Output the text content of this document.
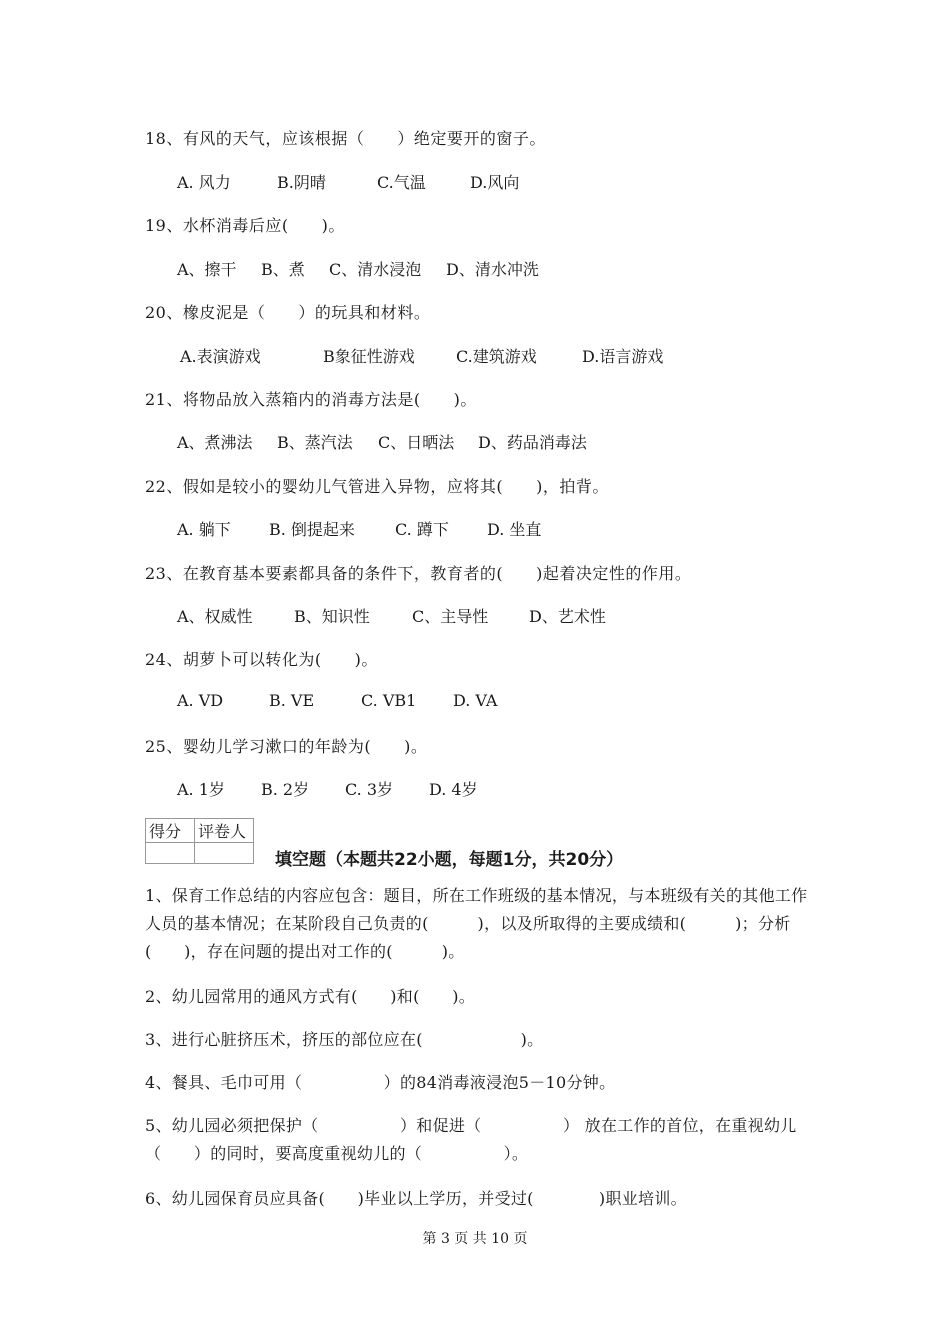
18、有风的天气，应该根据（　　）绝定要开的窗子。
A. 风力	B.阴晴	C.气温	D.风向
19、水杯消毒后应(　　)。
A、擦干 B、煮 C、清水浸泡 D、清水冲洗
20、橡皮泥是（　　）的玩具和材料。
A.表演游戏	B象征性游戏	C.建筑游戏	D.语言游戏
21、将物品放入蒸箱内的消毒方法是(　　)。
A、煮沸法 B、蒸汽法 C、日晒法 D、药品消毒法
22、假如是较小的婴幼儿气管进入异物，应将其(　　)，拍背。
A. 躺下 B. 倒提起来	C. 蹲下 D. 坐直
23、在教育基本要素都具备的条件下，教育者的(　　)起着决定性的作用。
A、权威性	B、知识性	C、主导性	D、艺术性
24、胡萝卜可以转化为(　　)。
A. VD	B. VE	C. VB1 D. VA
25、婴幼儿学习漱口的年龄为(　　)。
A. 1岁 B. 2岁 C. 3岁 D. 4岁
得分	评卷人

填空题（本题共22小题，每题1分，共20分）
1、保育工作总结的内容应包含：题目，所在工作班级的基本情况，与本班级有关的其他工作人员的基本情况；在某阶段自己负责的(　　　)，以及所取得的主要成绩和(　　　)；分析(　　)，存在问题的提出对工作的(　　　)。
2、幼儿园常用的通风方式有(　　)和(　　)。
3、进行心脏挤压术，挤压的部位应在(　　　　　　)。
4、餐具、毛巾可用（　　　　　）的84消毒液浸泡5－10分钟。
5、幼儿园必须把保护（　　　　　）和促进（　　　　　） 放在工作的首位，在重视幼儿（　　）的同时，要高度重视幼儿的（　　　　　）。
6、幼儿园保育员应具备(　　)毕业以上学历，并受过(　　　　)职业培训。
第 3 页 共 10 页
